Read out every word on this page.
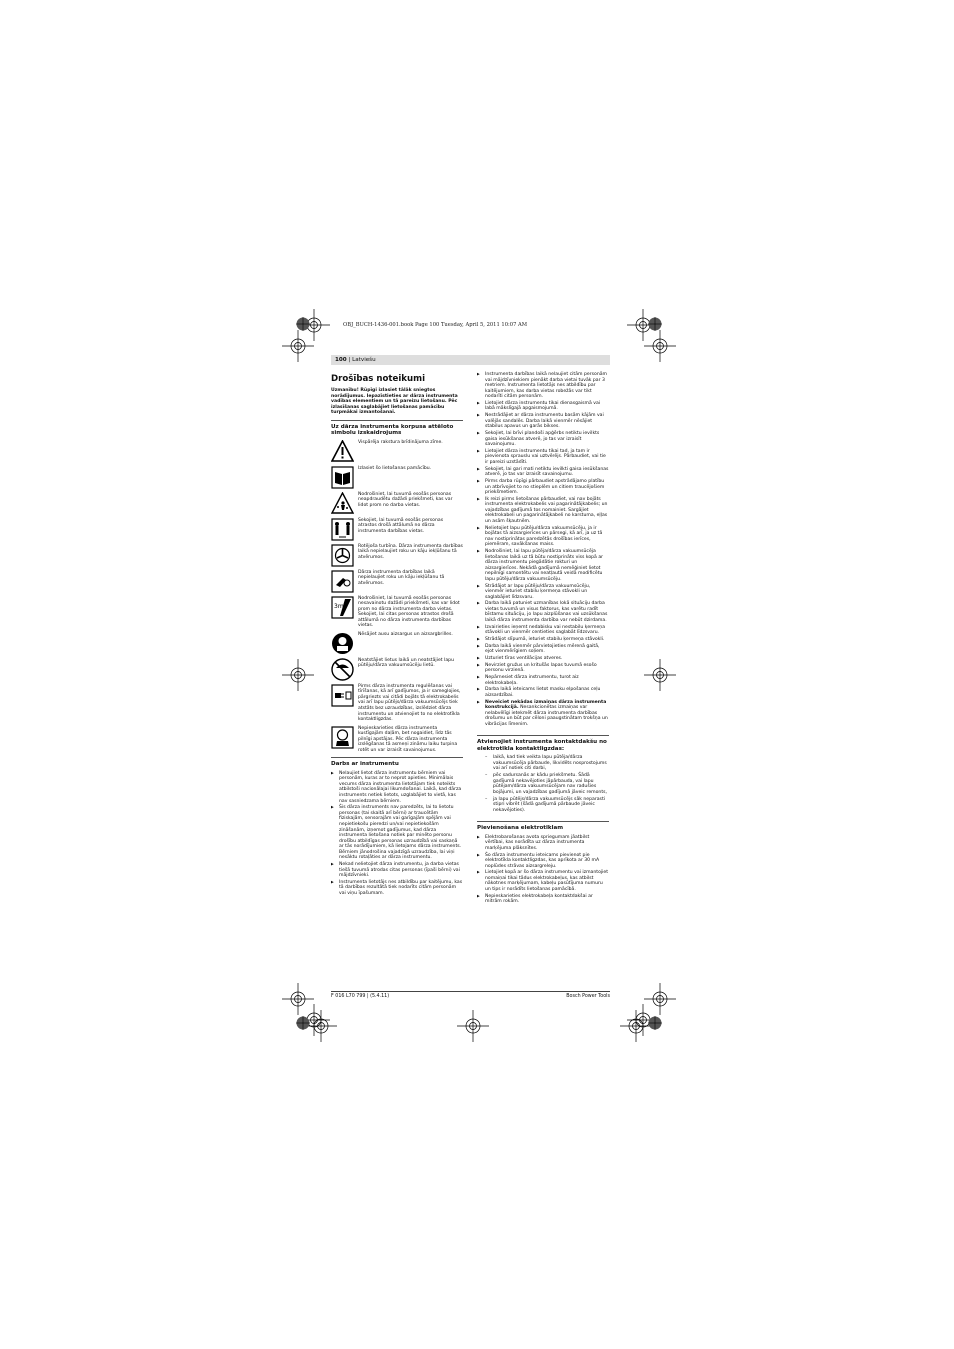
OBJ_BUCH-1436-001.book Page 100 Tuesday, April 5, 2011 10:07 AM
100 | Latviešu
Drošības noteikumi
Uzmanību! Rūpīgi izlasiet tālāk sniegtos norādījumus. Iepazīstieties ar dārza instrumenta vadības elementiem un tā pareizu lietošanu. Pēc izlasīšanas saglabājiet lietošanas pamācību turpmākai izmantošanai.
Uz dārza instrumenta korpusa attēloto simbolu izskaidrojums
Vispārēja rakstura brīdinājuma zīme.
Izlasiet šo lietošanas pamācību.
Nodrošiniet, lai tuvumā esošās personas neapdraudētu dažādi priekšmeti, kas var lidot prom no darba vietas.
Sekojiet, lai tuvumā esošās personas atrastos drošā attālumā no dārza instrumenta darbības vietas.
Rotējoša turbīna. Dārza instrumenta darbības laikā nepielaujiet roku un kāju iekļūšanu tā atvērumos.
Dārza instrumenta darbības laikā nepielaujiet roku un kāju iekļūšanu tā atvērumos.
3m
Nodrošiniet, lai tuvumā esošās personas nesavainotu dažādi priekšmeti, kas var lidot prom no dārza instrumenta darba vietas. Sekojiet, lai citas personas atrastos drošā attālumā no dārza instrumenta darbības vietas.
Nēsājiet ausu aizsargus un aizsargbrilles.
Neatstājiet lietus laikā un neatstājiet lapu pūtēju/dārza vakuumsūcēju lietū.
Pirms dārza instrumenta regulēšanas vai tīrīšanas, kā arī gadījumos, ja ir sameglojies, pārgriezts vai citādi bojāts tā elektrokabelis vai arī lapu pūtējs/dārza vakuumsūcējs tiek atstāts bez uzraudzības, izslēdziet dārza instrumentu un atvienojiet to no elektrotīkla kontaktligzdas.
Nepieskarieties dārza instrumenta kustīgajām daļām, bet nogaidiet, līdz tās pilnīgi apstājas. Pēc dārza instrumenta izslēgšanas tā asmeņi zināmu laiku turpina rotēt un var izraisīt savainojumus.
Darbs ar instrumentu
▶ Nelaujiet lietot dārza instrumentu bērniem vai personām, kuras ar to neprot apieties. Minimālais vecums dārza instrumenta lietotājam tiek noteikts atbilstoši nacionālajai likumdošanai. Laikā, kad dārza instruments netiek lietots, uzglabājiet to vietā, kas nav sasniedzama bērniem.
▶ Šis dārza instruments nav paredzēts, lai to lietotu personas (tai skaitā arī bērni) ar traucētām fiziskajām, sensorajām vai garīgajām spējām vai nepietiekošu pieredzi un/vai nepietiekošām zināšanām, izņemot gadījumus, kad dārza instrumenta lietošana notiek par minēto personu drošību atbildīgas personas uzraudzībā vai saskaņā ar tās norādījumiem, kā lietojams dārza instruments. Bērniem jānodrošina vajadzīgā uzraudzība, lai viņi nesāktu rotaļāties ar dārza instrumentu.
▶ Nekad nelietojiet dārza instrumentu, ja darba vietas tiešā tuvumā atrodas citas personas (īpaši bērni) vai mājdzīvnieki.
▶ Instrumenta lietotājs nes atbildību par kaitējumu, kas tā darbības rezultātā tiek nodarīts citām personām vai viņu īpašumam.
▶ Instrumenta darbības laikā nelaujiet citām personām vai mājdzīvniekiem pienākt darba vietai tuvāk par 3 metriem. Instrumenta lietotājs nes atbildību par kaitējumiem, kas darba vietas robežās var tikt nodarīti citām personām.
▶ Lietojiet dārza instrumentu tikai dienasgaismā vai labā mākslīgajā apgaismojumā.
▶ Nestrādājiet ar dārza instrumentu basām kājām vai valējās sandalēs. Darba laikā vienmēr nēsājiet stabilus apavus un garās bikses.
▶ Sekojiet, lai brīvi plandoši apģērbs netiktu ievilkts gaisa iesūkšanas atverē, jo tas var izraisīt savainojumu.
▶ Lietojiet dārza instrumentu tikai tad, ja tam ir pievienota sprauslu vai uztvērējs. Pārbaudiet, vai tie ir pareizi uzstādīti.
▶ Sekojiet, lai gari mati netiktu ievilkti gaisa iesūkšanas atverē, jo tas var izraisīt savainojumu.
▶ Pirms darba rūpīgi pārbaudiet apstrādājamo platību un atbrīvojiet to no stieplēm un citiem traucējošiem priekšmetiem.
▶ Ik reizi pirms lietošanas pārbaudiet, vai nav bojāts instrumenta elektrokabelis vai pagarinātājkabelis; un vajadzības gadījumā tos nomainiet. Sargājiet elektrokabeli un pagarinātājkabeli no karstuma, eļļas un asām šķautnēm.
▶ Nelietojiet lapu pūtēju/dārza vakuumsūcēju, ja ir bojātas tā aizsargierīces un pārsegi, kā arī, ja uz tā nav nostiprinātas paredzētās drošības ierīces, piemēram, savākšanas maiss.
▶ Nodrošiniet, lai lapu pūtēja/dārza vakuumsūcēja lietošanas laikā uz tā būtu nostiprināts viss kopā ar dārza instrumentu piegādātie rokturi un aizsargierīces. Nekādā gadījumā nemēģiniet lietot nepilnīgi samontētu vai neatļautā veidā modificētu lapu pūtēju/dārza vakuumsūcēju.
▶ Strādājot ar lapu pūtēju/dārza vakuumsūcēju, vienmēr ieturiet stabilu ķermeņa stāvokli un saglabājiet līdzsvaru.
▶ Darba laikā patuniet uzmanības lokā situāciju darba vietas tuvumā un visus faktorus, kas varētu radīt bīstamu situāciju, jo lapu aizplūšanas vai uzsūkšanas laikā dārza instrumenta darbība var nebūt dzirdama.
▶ Izvairieties ieņemt nedabisku vai nestabilu ķermeņa stāvokli un vienmēr centieties saglabāt līdzsvaru.
▶ Strādājot slīpumā, ieturiet stabilu ķermeņa stāvokli.
▶ Darba laikā vienmēr pārvietojieties mērenā gaitā, ejot vienmērīgiem soļiem.
▶ Uzturiet tīras ventilācijas atveres.
▶ Nevirziet gružus un kritušās lapas tuvumā esošo personu virzienā.
▶ Nepārnesiet dārza instrumentu, turot aiz elektrokabeļa.
▶ Darba laikā ieteicams lietot masku elpošanas ceļu aizsardzībai.
▶ Neveiciet nekādas izmaiņas dārza instrumenta konstrukcijā. Nesankcionētas izmaiņas var nelabvēlīgi ietekmēt dārza instrumenta darbības drošumu un būt par cēloni paaugstinātam trokšņa un vibrācijas līmenim.
Atvienojiet instrumenta kontaktdakšu no elektrotīkla kontaktligzdas:
– laikā, kad tiek veikta lapu pūtēja/dārza vakuumsūcēja pārbaude, likvidēts nosprostojums vai arī notiek citi darbi,
– pēc sadursanās ar kādu priekšmetu. Šādā gadījumā nekavējoties jāpārbauda, vai lapu pūtējam/dārza vakuumsūcējam nav radušies bojājumi, un vajadzības gadījumā jāveic remonts,
– ja lapu pūtējs/dārza vakuumsūcējs sāk neparasti stipri vibrēt (šādā gadījumā pārbaude jāveic nekavējoties).
Pievienošana elektrotīklam
▶ Elektrobarošanas avota spriegumam jāatbilst vērtībai, kas norādīta uz dārza instrumenta marķējuma plāksnītes.
▶ Šo dārza instrumentu ieteicams pievienot pie elektrotīkla kontaktligzdas, kas aprīkota ar 30 mA noplūdes strāvas aizsargreleju.
▶ Lietojiet kopā ar šo dārza instrumentu vai izmantojiet nomaiņai tikai tādus elektrokabeļus, kas atbilst nākotnes marķējumam, kabeļu pasūtījuma numuru un tips ir norādīts lietošanas pamācībā.
▶ Nepieskarieties elektrokabeļa kontaktdakšai ar mitrām rokām.
F 016 L70 799 | (5.4.11)	Bosch Power Tools
